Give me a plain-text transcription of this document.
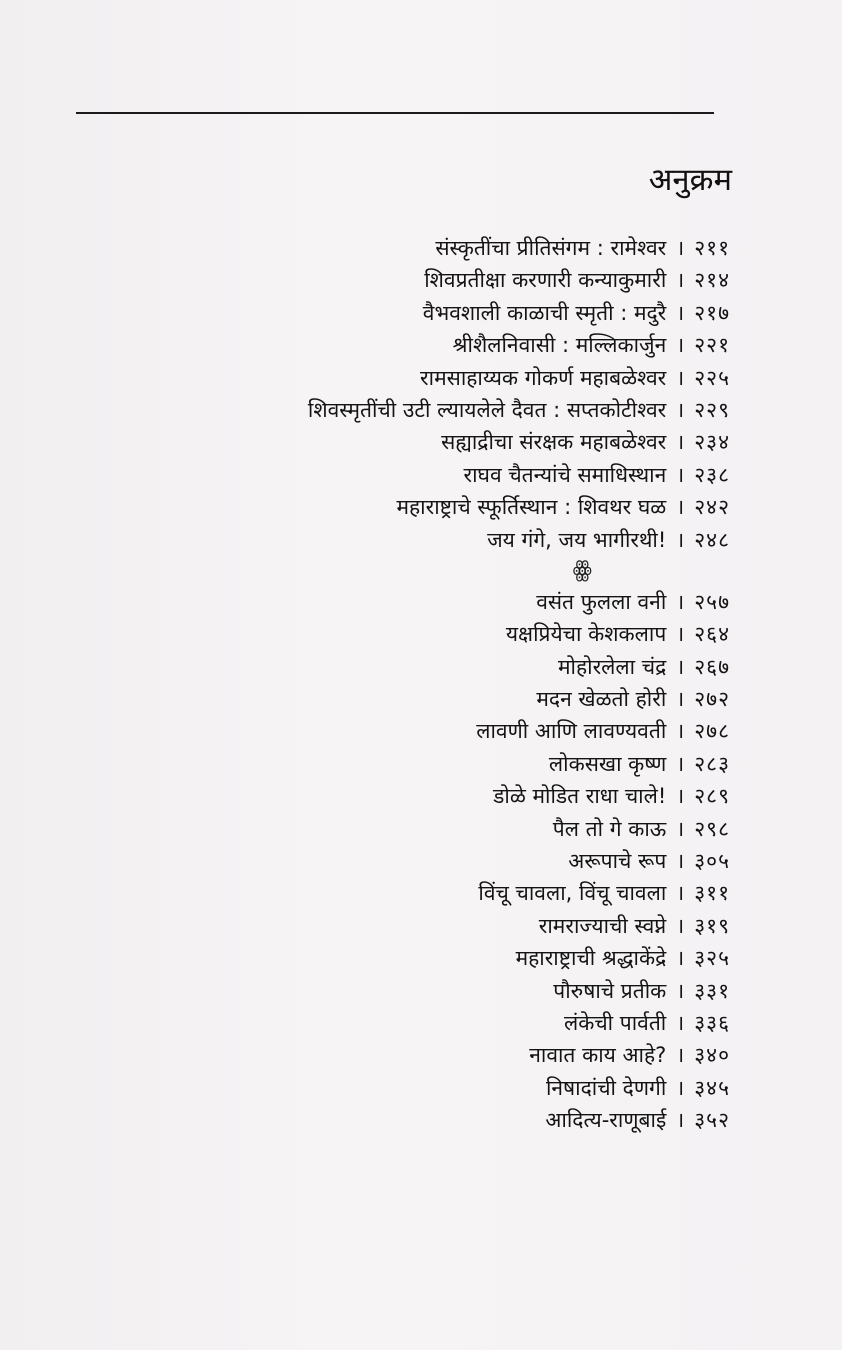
अनुक्रम
संस्कृतींचा प्रीतिसंगम : रामेश्वर । २११
शिवप्रतीक्षा करणारी कन्याकुमारी । २१४
वैभवशाली काळाची स्मृती : मदुरै । २१७
श्रीशैलनिवासी : मल्लिकार्जुन । २२१
रामसाहाय्यक गोकर्ण महाबळेश्वर । २२५
शिवस्मृतींची उटी ल्यायलेले दैवत : सप्तकोटीश्वर । २२९
सह्याद्रीचा संरक्षक महाबळेश्वर । २३४
राघव चैतन्यांचे समाधिस्थान । २३८
महाराष्ट्राचे स्फूर्तिस्थान : शिवथर घळ । २४२
जय गंगे, जय भागीरथी! । २४८
ꙮ
वसंत फुलला वनी । २५७
यक्षप्रियेचा केशकलाप । २६४
मोहोरलेला चंद्र । २६७
मदन खेळतो होरी । २७२
लावणी आणि लावण्यवती । २७८
लोकसखा कृष्ण । २८३
डोळे मोडित राधा चाले! । २८९
पैल तो गे काऊ । २९८
अरूपाचे रूप । ३०५
विंचू चावला, विंचू चावला । ३११
रामराज्याची स्वप्ने । ३१९
महाराष्ट्राची श्रद्धाकेंद्रे । ३२५
पौरुषाचे प्रतीक । ३३१
लंकेची पार्वती । ३३६
नावात काय आहे? । ३४०
निषादांची देणगी । ३४५
आदित्य-राणूबाई । ३५२
